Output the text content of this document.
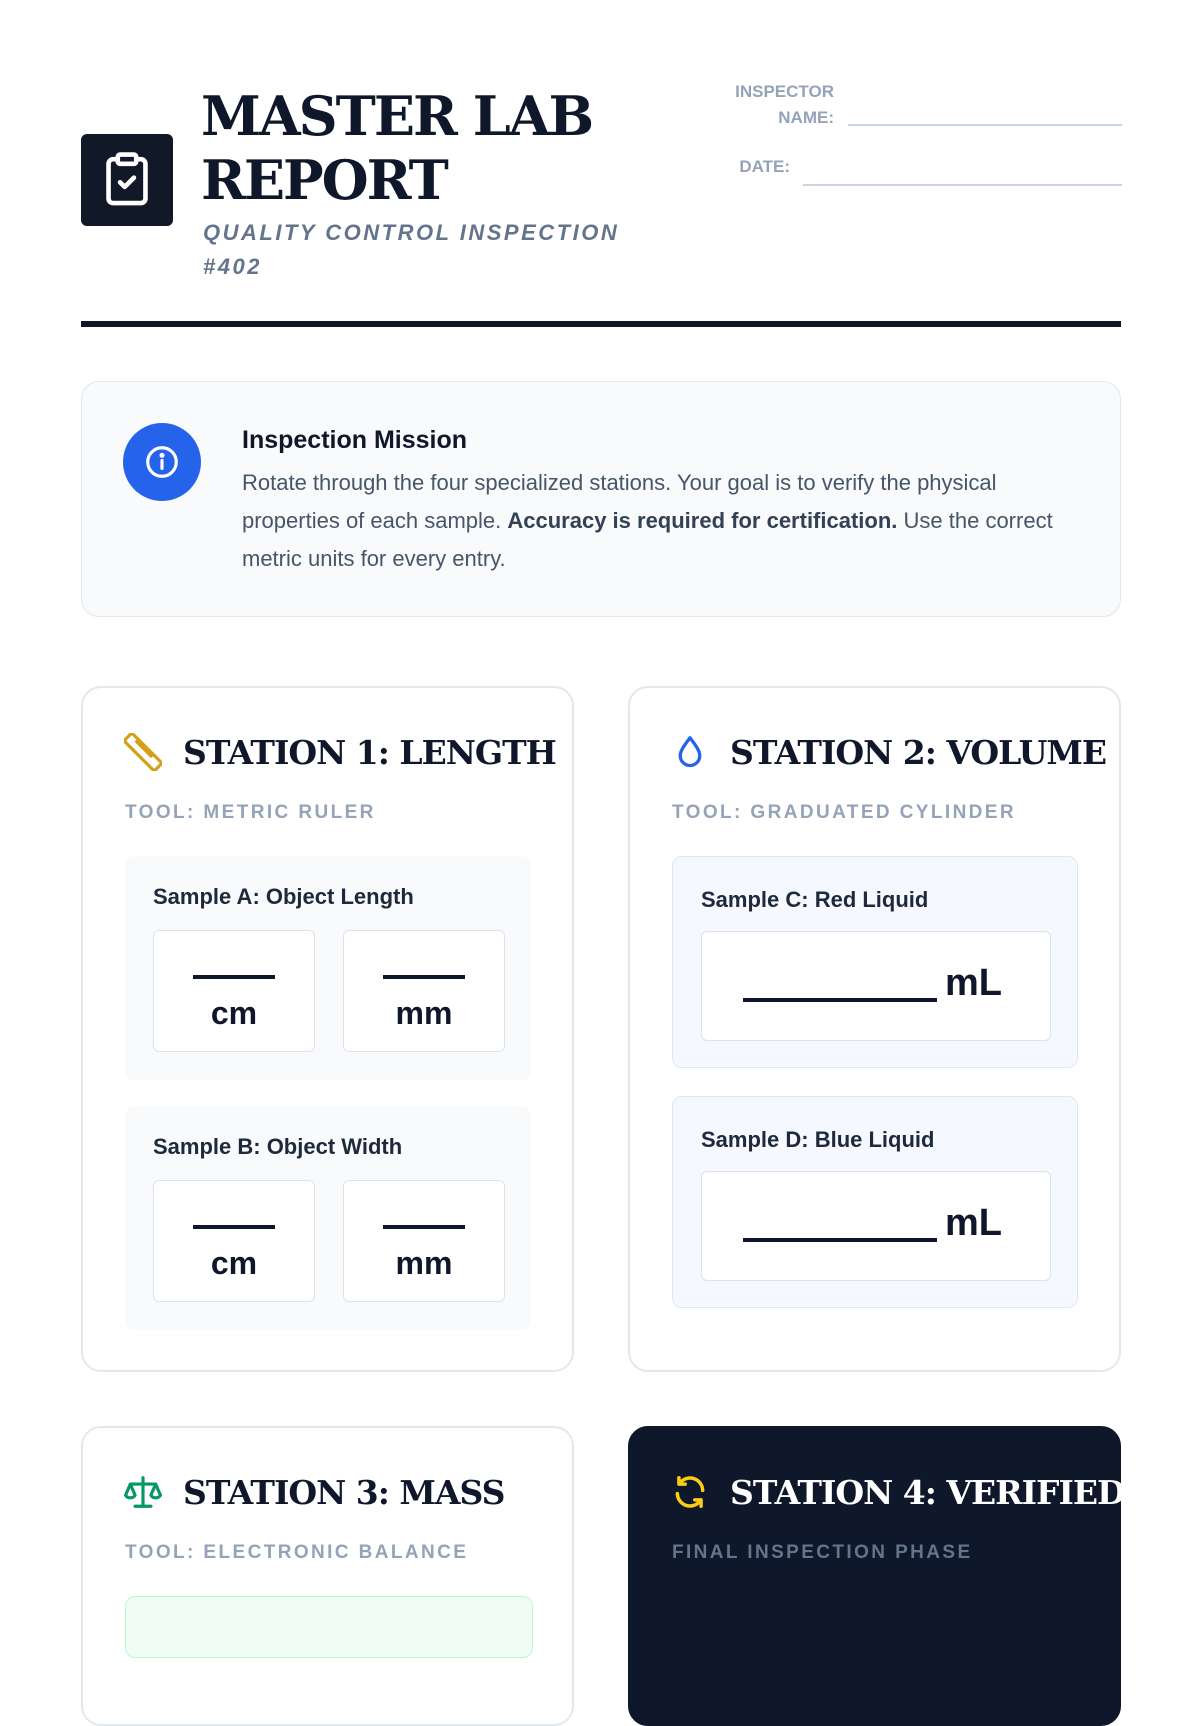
MASTER LAB REPORT
QUALITY CONTROL INSPECTION #402
INSPECTOR NAME:
DATE:
Inspection Mission
Rotate through the four specialized stations. Your goal is to verify the physical properties of each sample. Accuracy is required for certification. Use the correct metric units for every entry.
STATION 1: LENGTH
TOOL: METRIC RULER
Sample A: Object Length
cm	mm
Sample B: Object Width
cm	mm
STATION 2: VOLUME
TOOL: GRADUATED CYLINDER
Sample C: Red Liquid
mL
Sample D: Blue Liquid
mL
STATION 3: MASS
TOOL: ELECTRONIC BALANCE
STATION 4: VERIFIED
FINAL INSPECTION PHASE
